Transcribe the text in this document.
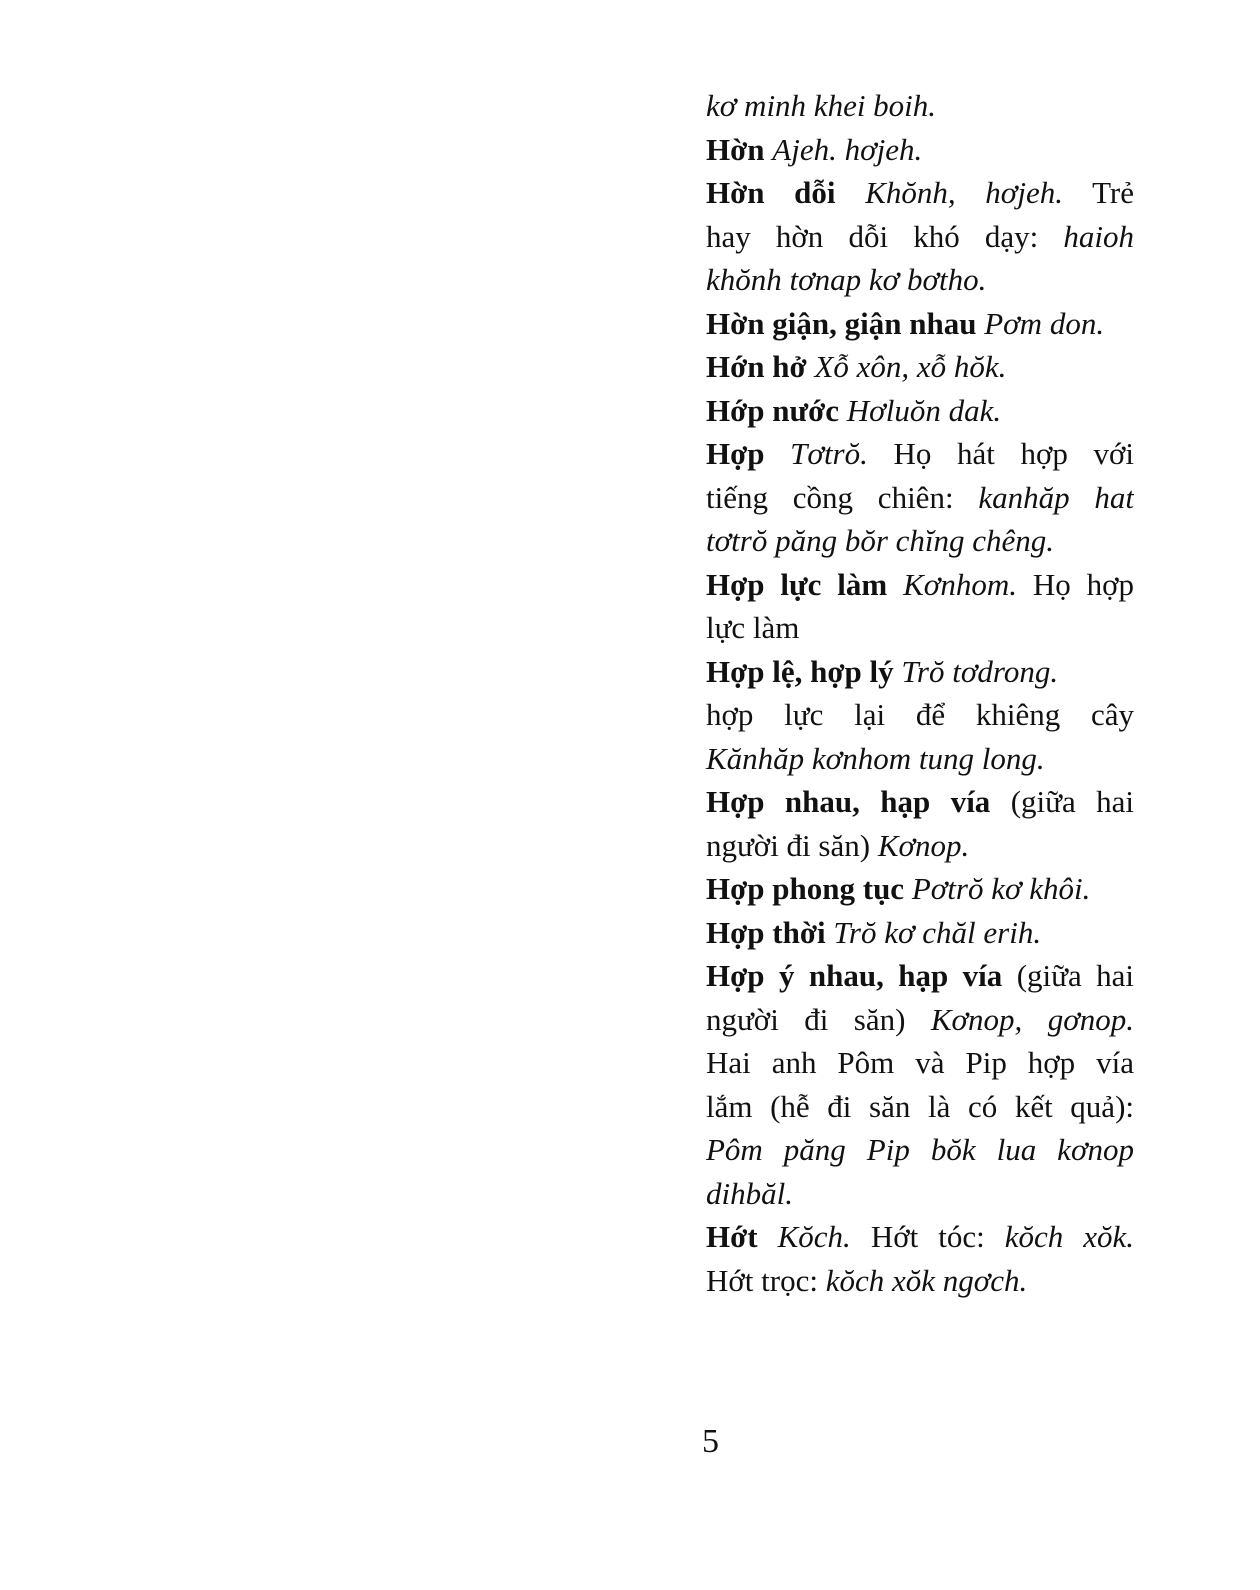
kơ minh khei boih.
Hờn Ajeh. hơjeh.
Hờn dỗi Khŏnh, hơjeh. Trẻ
hay hờn dỗi khó dạy: haioh
khŏnh tơnap kơ bơtho.
Hờn giận, giận nhau Pơm don.
Hớn hở Xỗ xôn, xỗ hŏk.
Hớp nước Hơluŏn dak.
Hợp Tơtrŏ. Họ hát hợp với
tiếng cồng chiên: kanhăp hat
tơtrŏ păng bŏr chĭng chêng.
Hợp lực làm Kơnhom. Họ hợp
lực làm
Hợp lệ, hợp lý Trŏ tơdrong.
hợp lực lại để khiêng cây
Kănhăp kơnhom tung long.
Hợp nhau, hạp vía (giữa hai
người đi săn) Kơnop.
Hợp phong tục Pơtrŏ kơ khôi.
Hợp thời Trŏ kơ chăl erih.
Hợp ý nhau, hạp vía (giữa hai
người đi săn) Kơnop, gơnop.
Hai anh Pôm và Pip hợp vía
lắm (hễ đi săn là có kết quả):
Pôm păng Pip bŏk lua kơnop
dihbăl.
Hớt Kŏch. Hớt tóc: kŏch xŏk.
Hớt trọc: kŏch xŏk ngơch.
5
